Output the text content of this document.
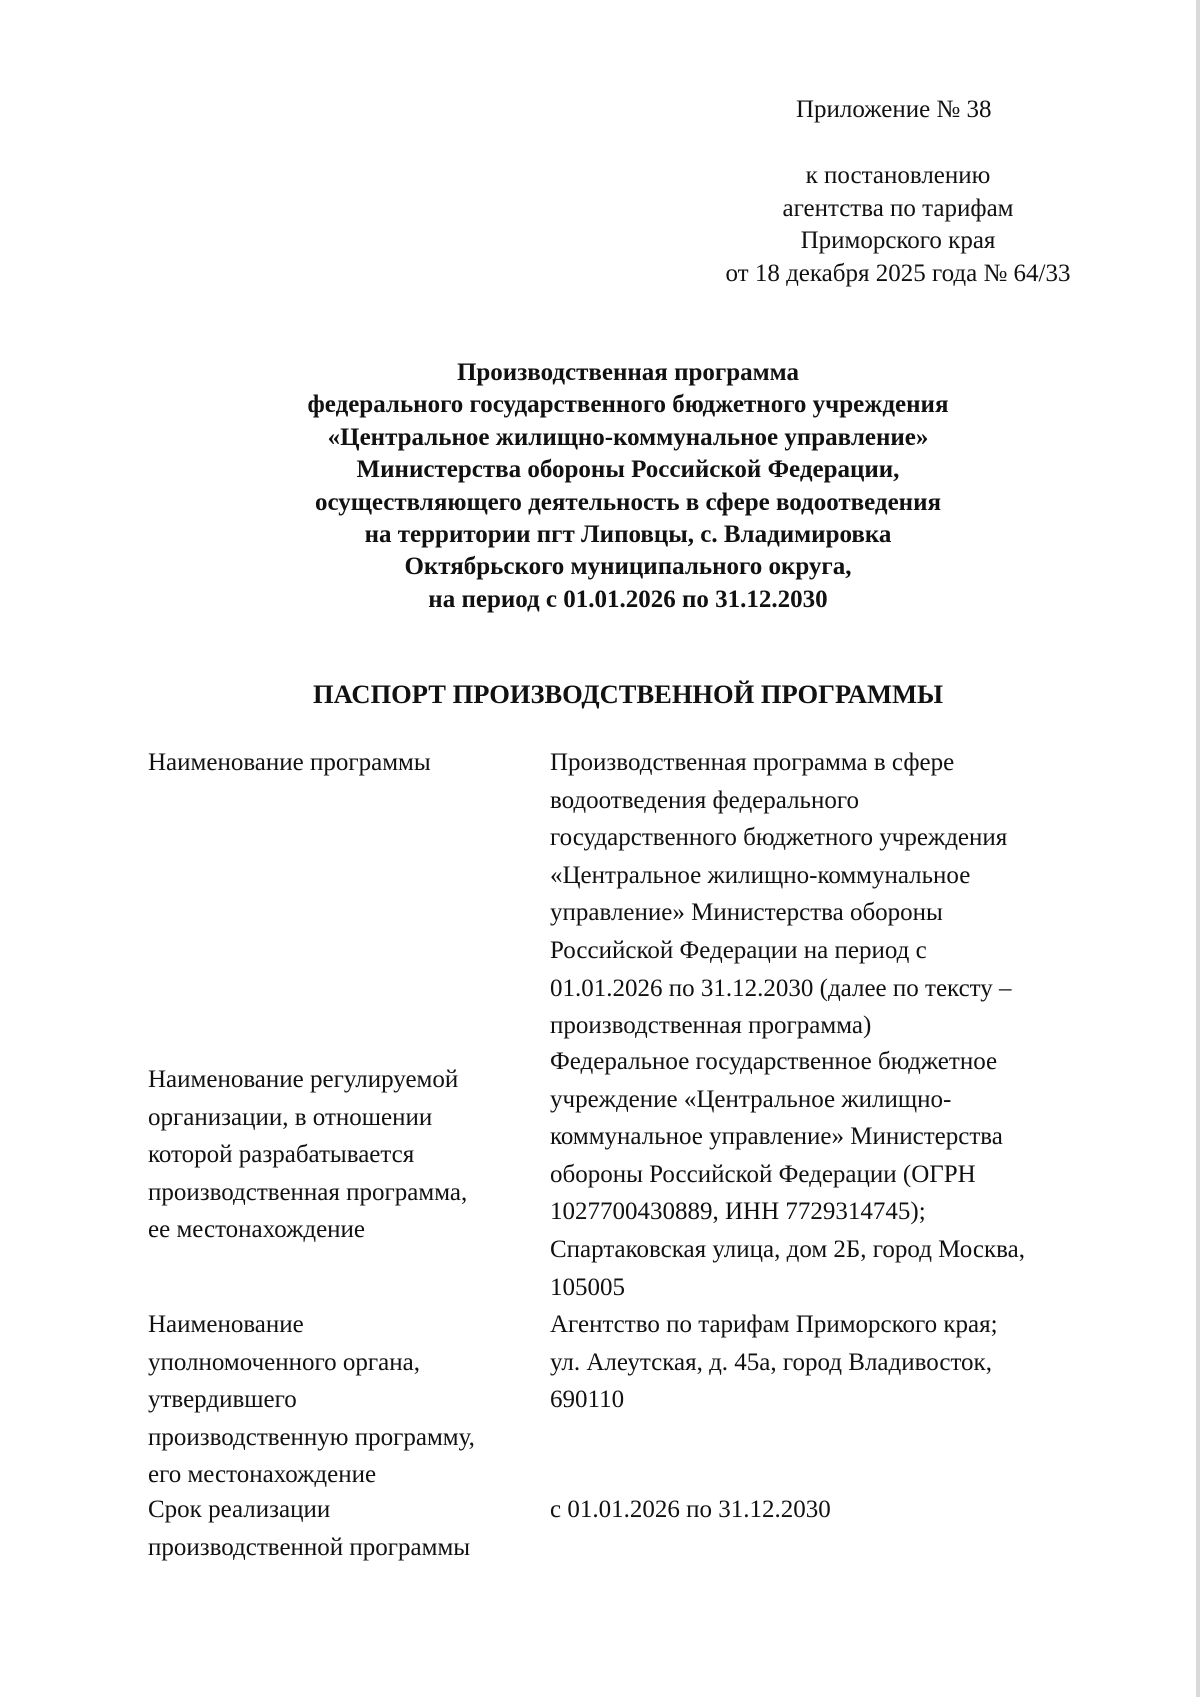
Приложение № 38
к постановлению
агентства по тарифам
Приморского края
от 18 декабря 2025 года № 64/33
Производственная программа
федерального государственного бюджетного учреждения
«Центральное жилищно-коммунальное управление»
Министерства обороны Российской Федерации,
осуществляющего деятельность в сфере водоотведения
на территории пгт Липовцы, с. Владимировка
Октябрьского муниципального округа,
на период с 01.01.2026 по 31.12.2030
ПАСПОРТ ПРОИЗВОДСТВЕННОЙ ПРОГРАММЫ
Наименование программы	Производственная программа в сфере
водоотведения федерального
государственного бюджетного учреждения
«Центральное жилищно-коммунальное
управление» Министерства обороны
Российской Федерации на период с
01.01.2026 по 31.12.2030 (далее по тексту –
производственная программа)
Наименование регулируемой
организации, в отношении
которой разрабатывается
производственная программа,
ее местонахождение
Федеральное государственное бюджетное
учреждение «Центральное жилищно-
коммунальное управление» Министерства
обороны Российской Федерации (ОГРН
1027700430889, ИНН 7729314745);
Спартаковская улица, дом 2Б, город Москва,
105005
Наименование
уполномоченного органа,
утвердившего
производственную программу,
его местонахождение
Агентство по тарифам Приморского края;
ул. Алеутская, д. 45а, город Владивосток,
690110
Срок реализации
производственной программы
с 01.01.2026 по 31.12.2030
